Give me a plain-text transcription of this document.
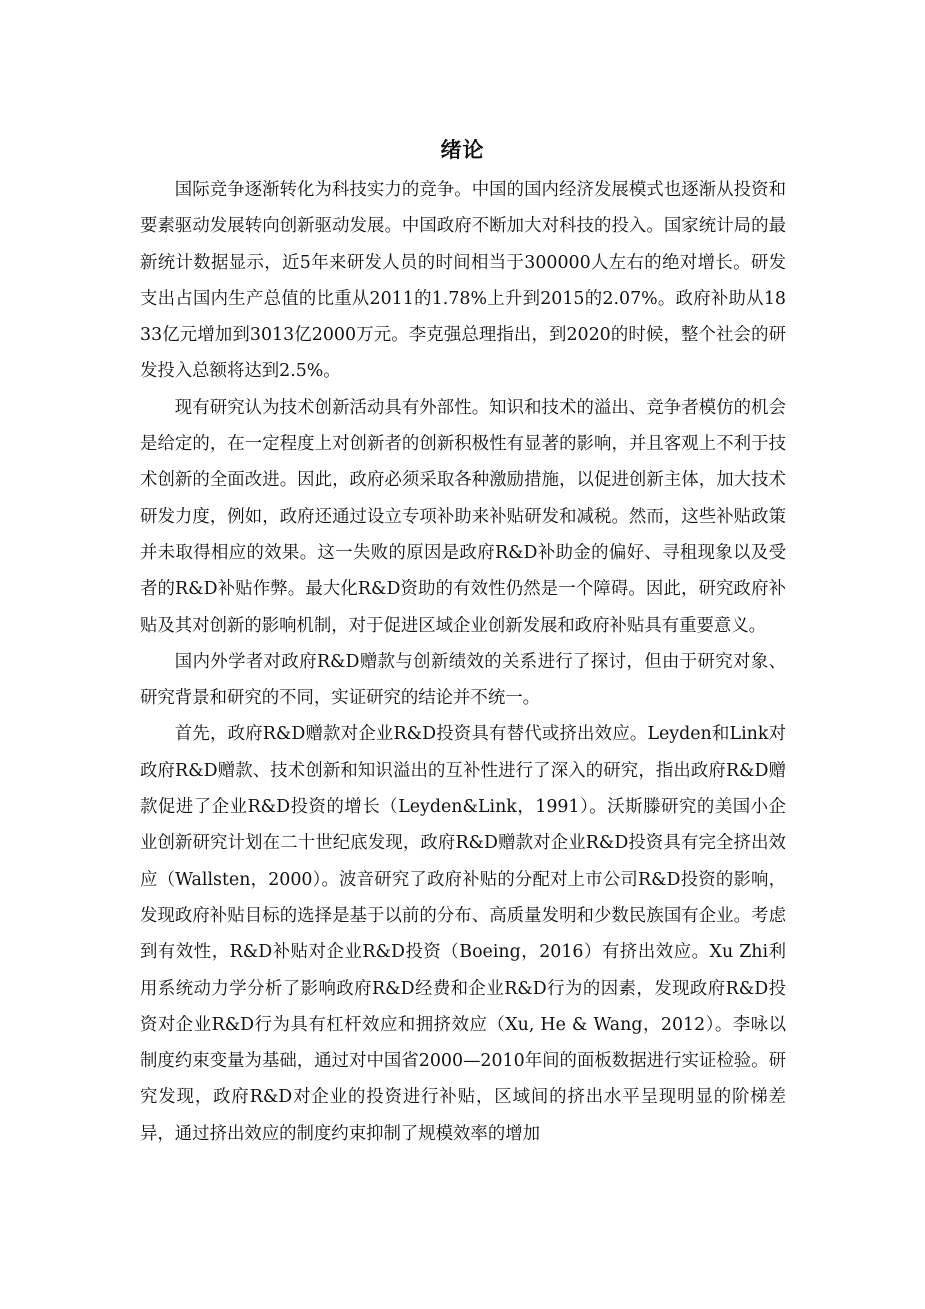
绪论

国际竞争逐渐转化为科技实力的竞争。中国的国内经济发展模式也逐渐从投资和要素驱动发展转向创新驱动发展。中国政府不断加大对科技的投入。国家统计局的最新统计数据显示，近5年来研发人员的时间相当于300000人左右的绝对增长。研发支出占国内生产总值的比重从2011的1.78%上升到2015的2.07%。政府补助从1833亿元增加到3013亿2000万元。李克强总理指出，到2020的时候，整个社会的研发投入总额将达到2.5%。

现有研究认为技术创新活动具有外部性。知识和技术的溢出、竞争者模仿的机会是给定的，在一定程度上对创新者的创新积极性有显著的影响，并且客观上不利于技术创新的全面改进。因此，政府必须采取各种激励措施，以促进创新主体，加大技术研发力度，例如，政府还通过设立专项补助来补贴研发和减税。然而，这些补贴政策并未取得相应的效果。这一失败的原因是政府R&D补助金的偏好、寻租现象以及受者的R&D补贴作弊。最大化R&D资助的有效性仍然是一个障碍。因此，研究政府补贴及其对创新的影响机制，对于促进区域企业创新发展和政府补贴具有重要意义。

国内外学者对政府R&D赠款与创新绩效的关系进行了探讨，但由于研究对象、研究背景和研究的不同，实证研究的结论并不统一。

首先，政府R&D赠款对企业R&D投资具有替代或挤出效应。Leyden和Link对政府R&D赠款、技术创新和知识溢出的互补性进行了深入的研究，指出政府R&D赠款促进了企业R&D投资的增长（Leyden&Link，1991）。沃斯滕研究的美国小企业创新研究计划在二十世纪底发现，政府R&D赠款对企业R&D投资具有完全挤出效应（Wallsten，2000）。波音研究了政府补贴的分配对上市公司R&D投资的影响，发现政府补贴目标的选择是基于以前的分布、高质量发明和少数民族国有企业。考虑到有效性，R&D补贴对企业R&D投资（Boeing，2016）有挤出效应。Xu Zhi利用系统动力学分析了影响政府R&D经费和企业R&D行为的因素，发现政府R&D投资对企业R&D行为具有杠杆效应和拥挤效应（Xu, He & Wang，2012）。李咏以制度约束变量为基础，通过对中国省2000—2010年间的面板数据进行实证检验。研究发现，政府R&D对企业的投资进行补贴，区域间的挤出水平呈现明显的阶梯差异，通过挤出效应的制度约束抑制了规模效率的增加
